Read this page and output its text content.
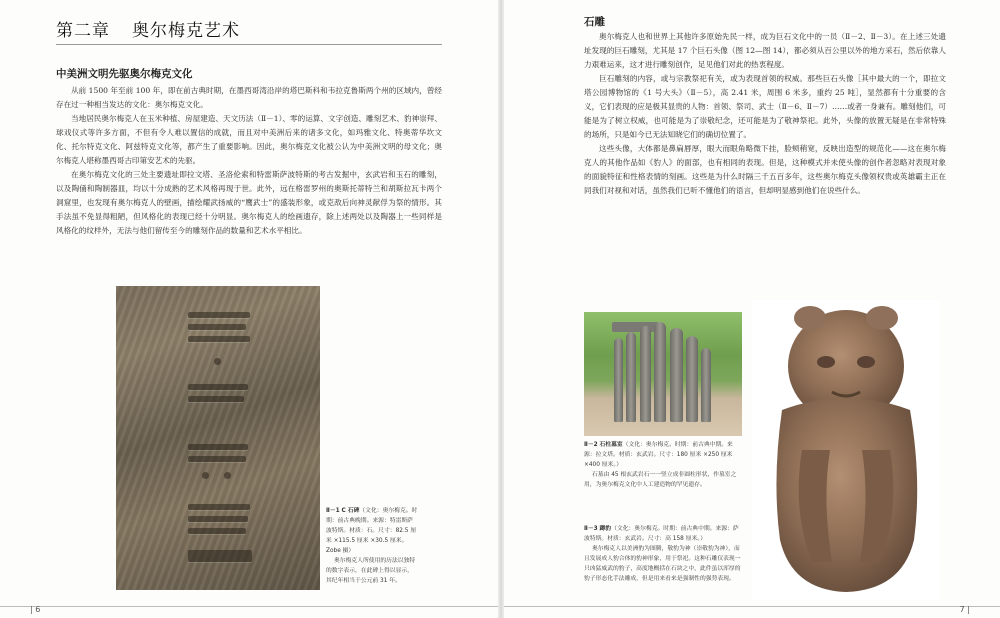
第二章 奥尔梅克艺术
中美洲文明先驱奥尔梅克文化

从前 1500 年至前 100 年，即在前古典时期，在墨西哥湾沿岸的塔巴斯科和韦拉克鲁斯两个州的区域内，曾经存在过一种相当发达的文化：奥尔梅克文化。

当地居民奥尔梅克人在玉米种植、房屋建造、天文历法（Ⅱ－1）、零的运算、文字创造、雕刻艺术、豹神崇拜、球戏仪式等许多方面，不但有令人难以置信的成就，而且对中美洲后来的诸多文化，如玛雅文化、特奥蒂华坎文化、托尔特克文化、阿兹特克文化等，都产生了重要影响。因此，奥尔梅克文化被公认为中美洲文明的母文化；奥尔梅克人堪称墨西哥古印第安艺术的先驱。

在奥尔梅克文化的三处主要遗址即拉文塔、圣洛伦索和特雷斯萨波特斯的考古发掘中，玄武岩和玉石的雕刻，以及陶俑和陶制器皿，均以十分成熟的艺术风格再现于世。此外，远在格雷罗州的奥斯托蒂特兰和胡斯拉瓦卡两个洞窟里，也发现有奥尔梅克人的壁画，描绘耀武扬威的“鹰武士”的盛装形象，或克敌后向神灵献俘为祭的情形。其手法虽不免显得粗陋，但风格化的表现已经十分明显。奥尔梅克人的绘画遗存，除上述两处以及陶器上一些同样是风格化的纹样外，无法与他们留传至今的雕刻作品的数量和艺术水平相比。

Ⅱ－1 C 石碑（文化：奥尔梅克。时期：前古典晚期。来源：特雷斯萨波特斯。材质：石。尺寸：82.5 厘米 ×115.5 厘米 ×30.5 厘米。Zobe 摄）

奥尔梅克人所使用的历法以独特的数字表示，在此碑上得以显示，其纪年相当于公元前 31 年。

| 6
石雕

奥尔梅克人也和世界上其他许多原始先民一样，成为巨石文化中的一员（Ⅱ－2、Ⅱ－3）。在上述三处遗址发现的巨石雕刻，尤其是 17 个巨石头像（图 12—图 14），都必须从百公里以外的地方采石，然后依靠人力艰难运来，这才进行雕刻创作，足见他们对此的热衷程度。

巨石雕刻的内容，或与宗教祭祀有关，或为表现首领的权威。那些巨石头像［其中最大的一个，即拉文塔公园博物馆的《1 号大头》（Ⅱ－5），高 2.41 米，周围 6 米多，重约 25 吨］，显然都有十分重要的含义，它们表现的应是极其显贵的人物：首领、祭司、武士（Ⅱ－6、Ⅱ－7）……或者一身兼有。雕刻他们，可能是为了树立权威，也可能是为了崇敬纪念，还可能是为了敬神祭祀。此外，头像的放置无疑是在非常特殊的场所，只是如今已无法知晓它们的确切位置了。

这些头像，大体都是鼻扁唇厚，眼大而眼角略微下挂，脸颊稍宽，反映出造型的规范化——这在奥尔梅克人的其他作品如《豹人》的面部，也有相同的表现。但是，这种模式并未使头像的创作者忽略对表现对象的面貌特征和性格表情的刻画。这些是为什么时隔三千五百多年，这些奥尔梅克头像领权贵或英雄霸主正在同我们对视和对话，虽然我们已听不懂他们的语言，但却明显感到他们在说些什么。

Ⅱ－2 石柱墓室（文化：奥尔梅克。时期：前古典中期。来源：拉文塔。材质：玄武岩。尺寸：180 厘米 ×250 厘米 ×400 厘米。）

石墓由 45 根玄武岩石一一竖立成非圆柱形状，作墓室之用，为奥尔梅克文化中人工建造物的罕见遗存。

Ⅱ－3 蹲豹（文化：奥尔梅克。时期：前古典中期。来源：萨波特斯。材质：玄武岩。尺寸：高 158 厘米。）

奥尔梅克人以美洲豹为图腾，敬豹为神（崇敬豹为神），而且发展成人豹合体的豹神形象，用于祭祀。这种石雕仅表现一只凶猛威武的豹子，高度地概括在石块之中，此件虽以浑厚的豹子形态化手法雕成，但是用来看来是强制性的强势表现。

7 |
